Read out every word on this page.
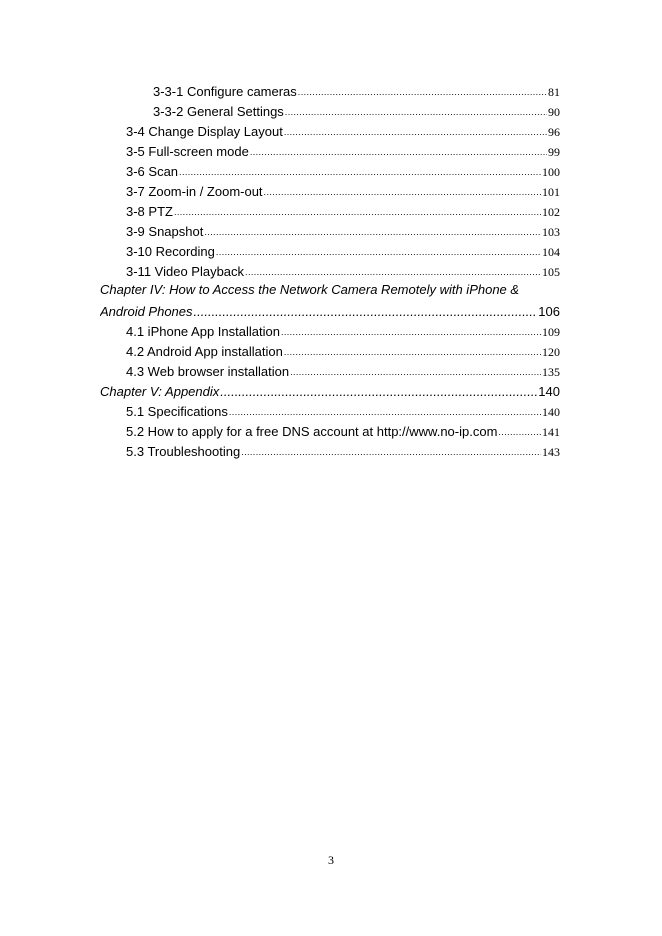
3-3-1 Configure cameras .....	81
3-3-2 General Settings .....	90
3-4 Change Display Layout .....	96
3-5 Full-screen mode .....	99
3-6 Scan .....	100
3-7 Zoom-in / Zoom-out .....	101
3-8 PTZ .....	102
3-9 Snapshot .....	103
3-10 Recording .....	104
3-11 Video Playback .....	105
Chapter IV: How to Access the Network Camera Remotely with iPhone &
Android Phones .....	106
4.1 iPhone App Installation .....	109
4.2 Android App installation .....	120
4.3 Web browser installation .....	135
Chapter V: Appendix .....	140
5.1 Specifications .....	140
5.2 How to apply for a free DNS account at http://www.no-ip.com .....	141
5.3 Troubleshooting .....	143
3
